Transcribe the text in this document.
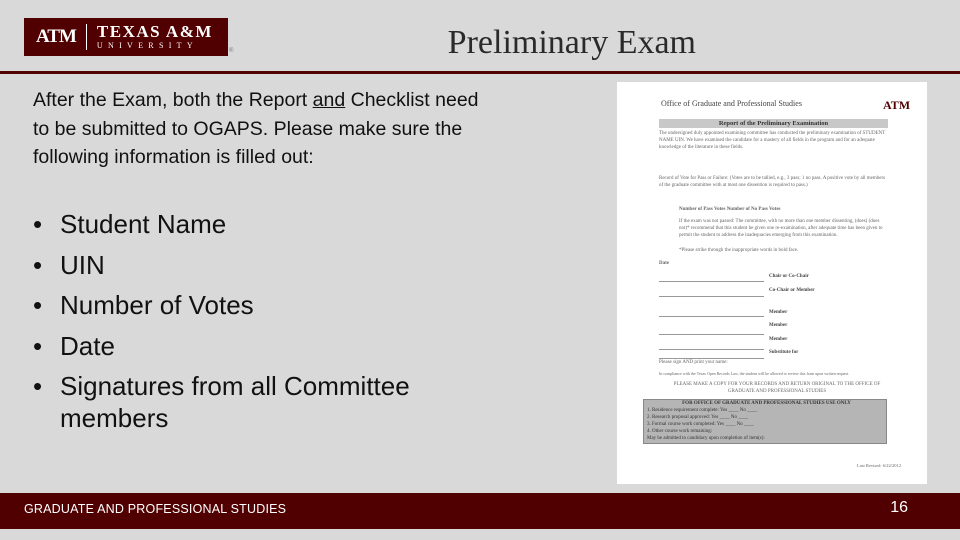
ATM TEXAS A&M
UNIVERSITY
®	Preliminary Exam

After the Exam, both the Report and Checklist need to be submitted to OGAPS. Please make sure the following information is filled out:

• Student Name
• UIN
• Number of Votes
• Date
• Signatures from all Committee members
Office of Graduate and Professional Studies	ATM
Report of the Preliminary Examination
The undersigned duly appointed examining committee has conducted the preliminary examination of STUDENT NAME UIN. We have examined the candidate for a mastery of all fields in the program and for an adequate knowledge of the literature in these fields.
Record of Vote for Pass or Failure: (Votes are to be tallied, e.g., 3 pass; 1 no pass. A positive vote by all members of the graduate committee with at most one dissention is required to pass.)
Number of Pass Votes Number of No Pass Votes
If the exam was not passed: The committee, with no more than one member dissenting, (does) (does not)* recommend that this student be given one re-examination, after adequate time has been given to permit the student to address the inadequacies emerging from this examination.
*Please strike through the inappropriate words in bold face.
Date
Chair or Co-Chair
Co-Chair or Member
Member
Member
Member
Substitute for
Please sign AND print your name:
In compliance with the Texas Open Records Law, the student will be allowed to review this form upon written request.
PLEASE MAKE A COPY FOR YOUR RECORDS AND RETURN ORIGINAL TO THE OFFICE OF GRADUATE AND PROFESSIONAL STUDIES
FOR OFFICE OF GRADUATE AND PROFESSIONAL STUDIES USE ONLY
1. Residence requirement complete: Yes ____ No ____
2. Research proposal approved: Yes ____ No ____
3. Formal course work completed: Yes ____ No ____
4. Other course work remaining:
May be admitted to candidacy upon completion of item(s):
Last Revised: 6/22/2012
GRADUATE AND PROFESSIONAL STUDIES	16
